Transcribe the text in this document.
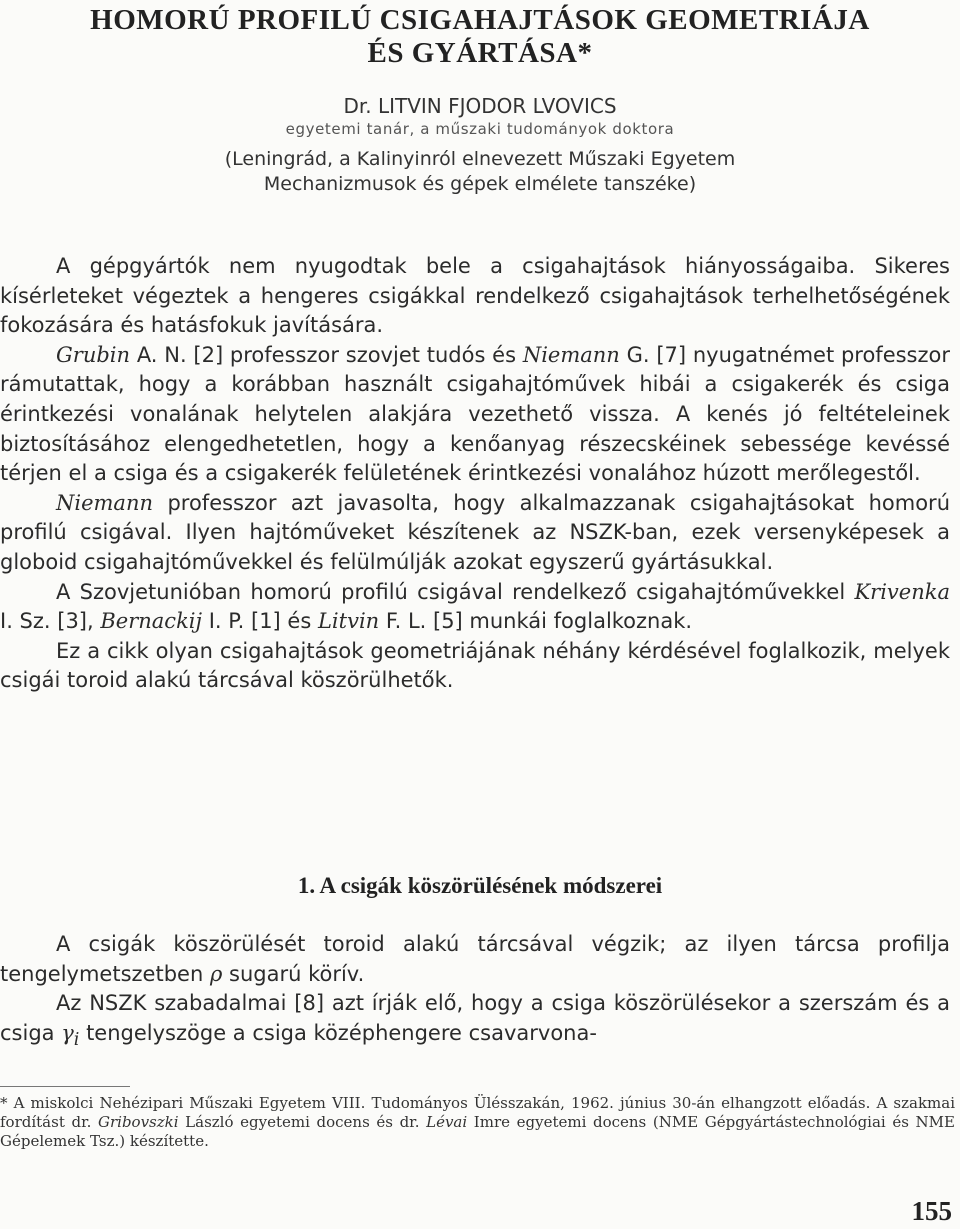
HOMORÚ PROFILÚ CSIGAHAJTÁSOK GEOMETRIÁJA
ÉS GYÁRTÁSA*
Dr. LITVIN FJODOR LVOVICS
egyetemi tanár, a műszaki tudományok doktora
(Leningrád, a Kalinyinról elnevezett Műszaki Egyetem
Mechanizmusok és gépek elmélete tanszéke)

A gépgyártók nem nyugodtak bele a csigahajtások hiányosságaiba. Sikeres kísérleteket végeztek a hengeres csigákkal rendelkező csigahajtások terhelhetőségének fokozására és hatásfokuk javítására.

Grubin A. N. [2] professzor szovjet tudós és Niemann G. [7] nyugatnémet professzor rámutattak, hogy a korábban használt csigahajtóművek hibái a csigakerék és csiga érintkezési vonalának helytelen alakjára vezethető vissza. A kenés jó feltételeinek biztosításához elengedhetetlen, hogy a kenőanyag részecskéinek sebessége kevéssé térjen el a csiga és a csigakerék felületének érintkezési vonalához húzott merőlegestől.

Niemann professzor azt javasolta, hogy alkalmazzanak csigahajtásokat homorú profilú csigával. Ilyen hajtóműveket készítenek az NSZK-ban, ezek versenyképesek a globoid csigahajtóművekkel és felülmúlják azokat egyszerű gyártásukkal.

A Szovjetunióban homorú profilú csigával rendelkező csigahajtóművekkel Krivenka I. Sz. [3], Bernackij I. P. [1] és Litvin F. L. [5] munkái foglalkoznak.

Ez a cikk olyan csigahajtások geometriájának néhány kérdésével foglalkozik, melyek csigái toroid alakú tárcsával köszörülhetők.

1. A csigák köszörülésének módszerei

A csigák köszörülését toroid alakú tárcsával végzik; az ilyen tárcsa profilja tengelymetszetben ρ sugarú körív.

Az NSZK szabadalmai [8] azt írják elő, hogy a csiga köszörülésekor a szerszám és a csiga $\gamma_i$ tengelyszöge a csiga középhengere csavarvona-

* A miskolci Nehézipari Műszaki Egyetem VIII. Tudományos Ülésszakán, 1962. június 30-án elhangzott előadás. A szakmai fordítást dr. Gribovszki László egyetemi docens és dr. Lévai Imre egyetemi docens (NME Gépgyártástechnológiai és NME Gépelemek Tsz.) készítette.

155
